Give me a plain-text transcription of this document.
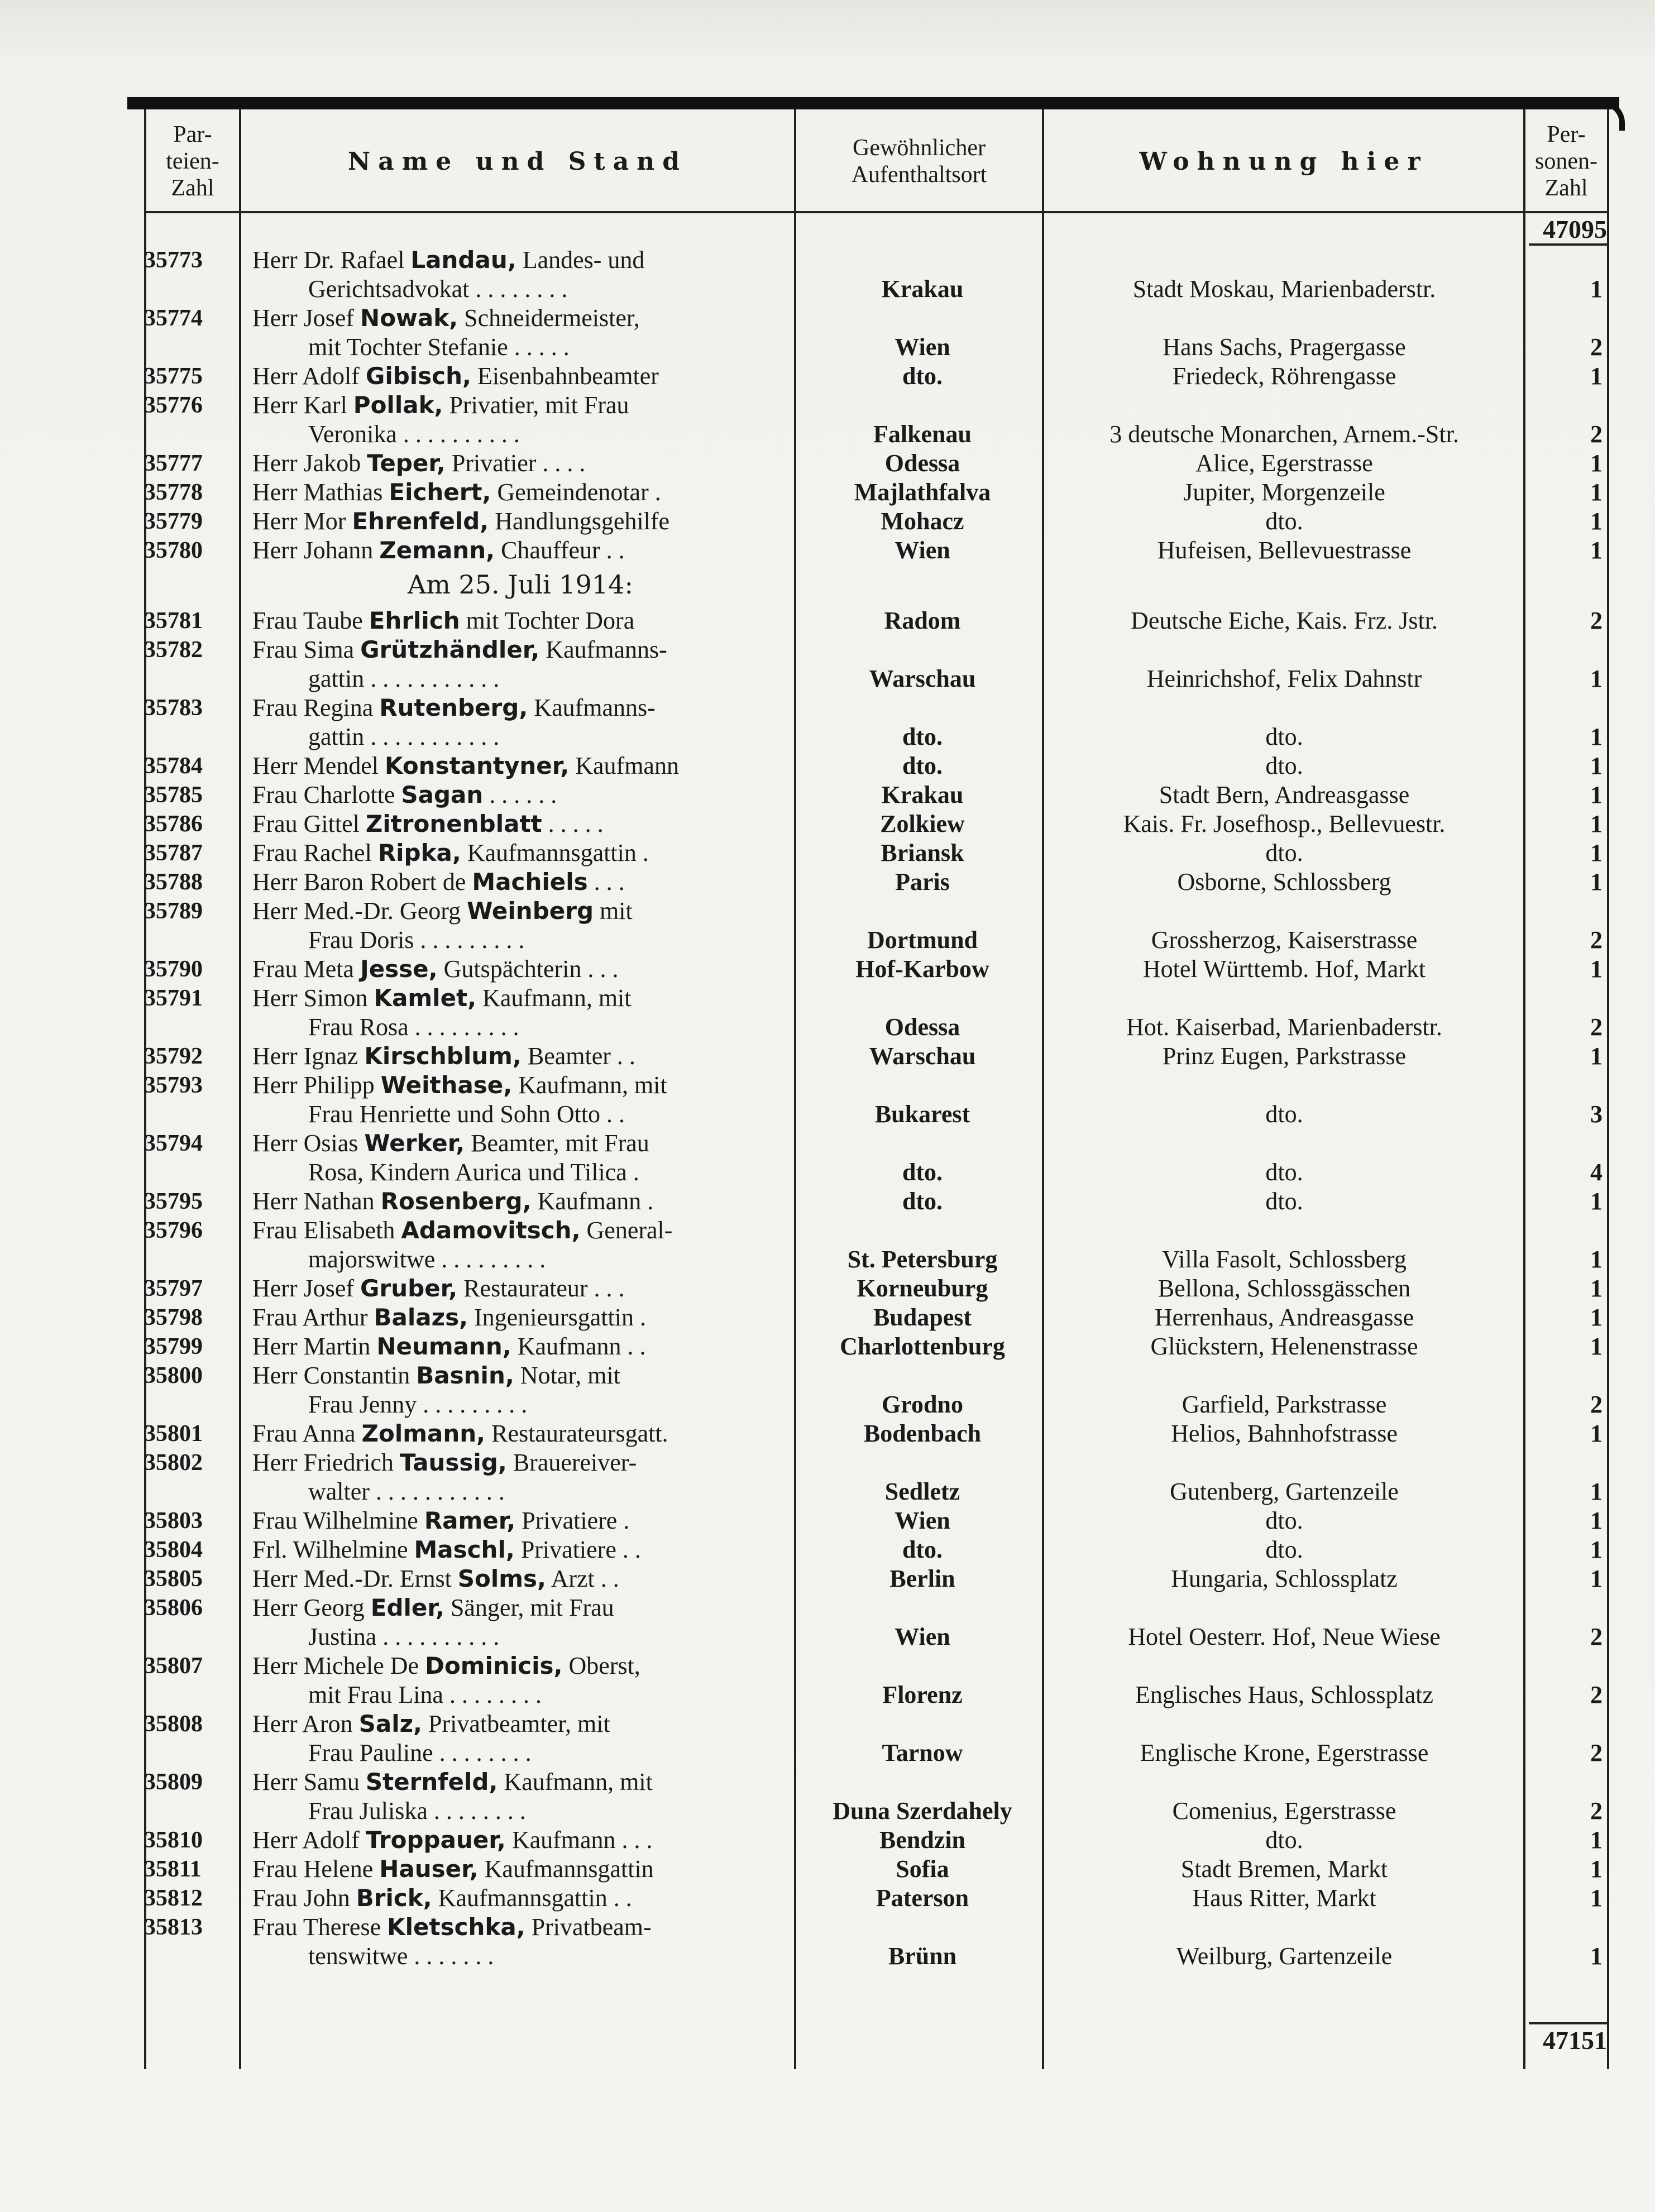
Par- teien- Zahl
Name und Stand	Gewöhnlicher Aufenthaltsort	Wohnung hier
Per- sonen- Zahl
47095
35773	Herr Dr. Rafael Landau, Landes- und
Gerichtsadvokat . . . . . . . .	Krakau	Stadt Moskau, Marienbaderstr.	1
35774	Herr Josef Nowak, Schneidermeister,
mit Tochter Stefanie . . . . .	Wien	Hans Sachs, Pragergasse	2
35775	Herr Adolf Gibisch, Eisenbahnbeamter	dto.	Friedeck, Röhrengasse	1
35776	Herr Karl Pollak, Privatier, mit Frau
Veronika . . . . . . . . . .	Falkenau	3 deutsche Monarchen, Arnem.-Str.	2
35777	Herr Jakob Teper, Privatier . . . .	Odessa	Alice, Egerstrasse	1
35778	Herr Mathias Eichert, Gemeindenotar .	Majlathfalva	Jupiter, Morgenzeile	1
35779	Herr Mor Ehrenfeld, Handlungsgehilfe	Mohacz	dto.	1
35780	Herr Johann Zemann, Chauffeur . .	Wien	Hufeisen, Bellevuestrasse	1
Am 25. Juli 1914:
35781	Frau Taube Ehrlich mit Tochter Dora	Radom	Deutsche Eiche, Kais. Frz. Jstr.	2
35782	Frau Sima Grützhändler, Kaufmanns-
gattin . . . . . . . . . . .	Warschau	Heinrichshof, Felix Dahnstr	1
35783	Frau Regina Rutenberg, Kaufmanns-
gattin . . . . . . . . . . .	dto.	dto.	1
35784	Herr Mendel Konstantyner, Kaufmann	dto.	dto.	1
35785	Frau Charlotte Sagan . . . . . .	Krakau	Stadt Bern, Andreasgasse	1
35786	Frau Gittel Zitronenblatt . . . . .	Zolkiew	Kais. Fr. Josefhosp., Bellevuestr.	1
35787	Frau Rachel Ripka, Kaufmannsgattin .	Briansk	dto.	1
35788	Herr Baron Robert de Machiels . . .	Paris	Osborne, Schlossberg	1
35789	Herr Med.-Dr. Georg Weinberg mit
Frau Doris . . . . . . . . .	Dortmund	Grossherzog, Kaiserstrasse	2
35790	Frau Meta Jesse, Gutspächterin . . .	Hof-Karbow	Hotel Württemb. Hof, Markt	1
35791	Herr Simon Kamlet, Kaufmann, mit
Frau Rosa . . . . . . . . .	Odessa	Hot. Kaiserbad, Marienbaderstr.	2
35792	Herr Ignaz Kirschblum, Beamter . .	Warschau	Prinz Eugen, Parkstrasse	1
35793	Herr Philipp Weithase, Kaufmann, mit
Frau Henriette und Sohn Otto . .	Bukarest	dto.	3
35794	Herr Osias Werker, Beamter, mit Frau
Rosa, Kindern Aurica und Tilica .	dto.	dto.	4
35795	Herr Nathan Rosenberg, Kaufmann .	dto.	dto.	1
35796	Frau Elisabeth Adamovitsch, General-
majorswitwe . . . . . . . . .	St. Petersburg	Villa Fasolt, Schlossberg	1
35797	Herr Josef Gruber, Restaurateur . . .	Korneuburg	Bellona, Schlossgässchen	1
35798	Frau Arthur Balazs, Ingenieursgattin .	Budapest	Herrenhaus, Andreasgasse	1
35799	Herr Martin Neumann, Kaufmann . .	Charlottenburg	Glückstern, Helenenstrasse	1
35800	Herr Constantin Basnin, Notar, mit
Frau Jenny . . . . . . . . .	Grodno	Garfield, Parkstrasse	2
35801	Frau Anna Zolmann, Restaurateursgatt.	Bodenbach	Helios, Bahnhofstrasse	1
35802	Herr Friedrich Taussig, Brauereiver-
walter . . . . . . . . . . .	Sedletz	Gutenberg, Gartenzeile	1
35803	Frau Wilhelmine Ramer, Privatiere .	Wien	dto.	1
35804	Frl. Wilhelmine Maschl, Privatiere . .	dto.	dto.	1
35805	Herr Med.-Dr. Ernst Solms, Arzt . .	Berlin	Hungaria, Schlossplatz	1
35806	Herr Georg Edler, Sänger, mit Frau
Justina . . . . . . . . . .	Wien	Hotel Oesterr. Hof, Neue Wiese	2
35807	Herr Michele De Dominicis, Oberst,
mit Frau Lina . . . . . . . .	Florenz	Englisches Haus, Schlossplatz	2
35808	Herr Aron Salz, Privatbeamter, mit
Frau Pauline . . . . . . . .	Tarnow	Englische Krone, Egerstrasse	2
35809	Herr Samu Sternfeld, Kaufmann, mit
Frau Juliska . . . . . . . .	Duna Szerdahely	Comenius, Egerstrasse	2
35810	Herr Adolf Troppauer, Kaufmann . . .	Bendzin	dto.	1
35811	Frau Helene Hauser, Kaufmannsgattin	Sofia	Stadt Bremen, Markt	1
35812	Frau John Brick, Kaufmannsgattin . .	Paterson	Haus Ritter, Markt	1
35813	Frau Therese Kletschka, Privatbeam-
tenswitwe . . . . . . .	Brünn	Weilburg, Gartenzeile	1
47151
